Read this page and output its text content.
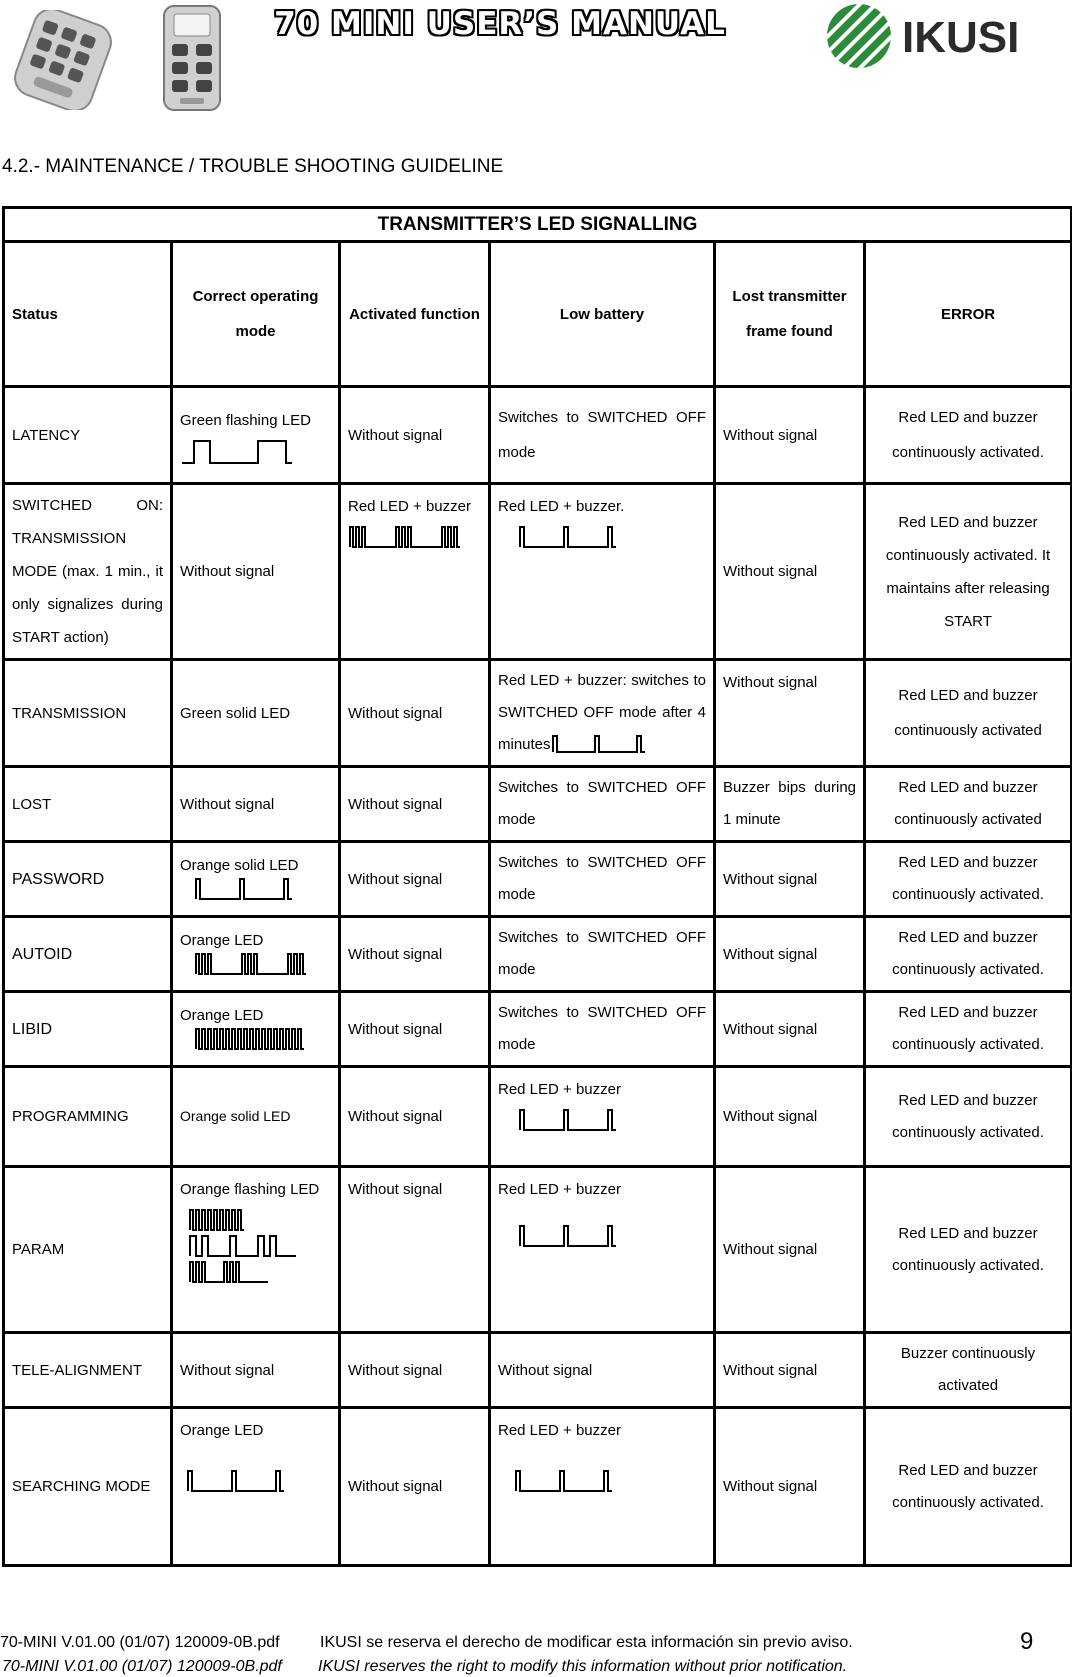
70 MINI USER’S MANUAL	IKUSI
4.2.- MAINTENANCE / TROUBLE SHOOTING GUIDELINE
TRANSMITTER’S LED SIGNALLING					
Status	Correct operating mode	Activated function	Low battery	Lost transmitter frame found	ERROR
LATENCY	Green flashing LED	Without signal	Switches to SWITCHED OFF mode	Without signal	Red LED and buzzer continuously activated.
SWITCHED ON: TRANSMISSION MODE (max. 1 min., it only signalizes during START action)	Without signal	Red LED + buzzer	Red LED + buzzer.	Without signal	Red LED and buzzer continuously activated. It maintains after releasing START
TRANSMISSION	Green solid LED	Without signal	Red LED + buzzer: switches to SWITCHED OFF mode after 4 minutes	Without signal	Red LED and buzzer continuously activated
LOST	Without signal	Without signal	Switches to SWITCHED OFF mode	Buzzer bips during 1 minute	Red LED and buzzer continuously activated
PASSWORD	Orange solid LED	Without signal	Switches to SWITCHED OFF mode	Without signal	Red LED and buzzer continuously activated.
AUTOID	Orange LED	Without signal	Switches to SWITCHED OFF mode	Without signal	Red LED and buzzer continuously activated.
LIBID	Orange LED	Without signal	Switches to SWITCHED OFF mode	Without signal	Red LED and buzzer continuously activated.
PROGRAMMING	Orange solid LED	Without signal	Red LED + buzzer	Without signal	Red LED and buzzer continuously activated.
PARAM	Orange flashing LED	Without signal	Red LED + buzzer	Without signal	Red LED and buzzer continuously activated.
TELE-ALIGNMENT	Without signal	Without signal	Without signal	Without signal	Buzzer continuously activated
SEARCHING MODE	Orange LED	Without signal	Red LED + buzzer	Without signal	Red LED and buzzer continuously activated.
70-MINI V.01.00 (01/07) 120009-0B.pdf	IKUSI se reserva el derecho de modificar esta información sin previo aviso.	9
70-MINI V.01.00 (01/07) 120009-0B.pdf IKUSI reserves the right to modify this information without prior notification.
